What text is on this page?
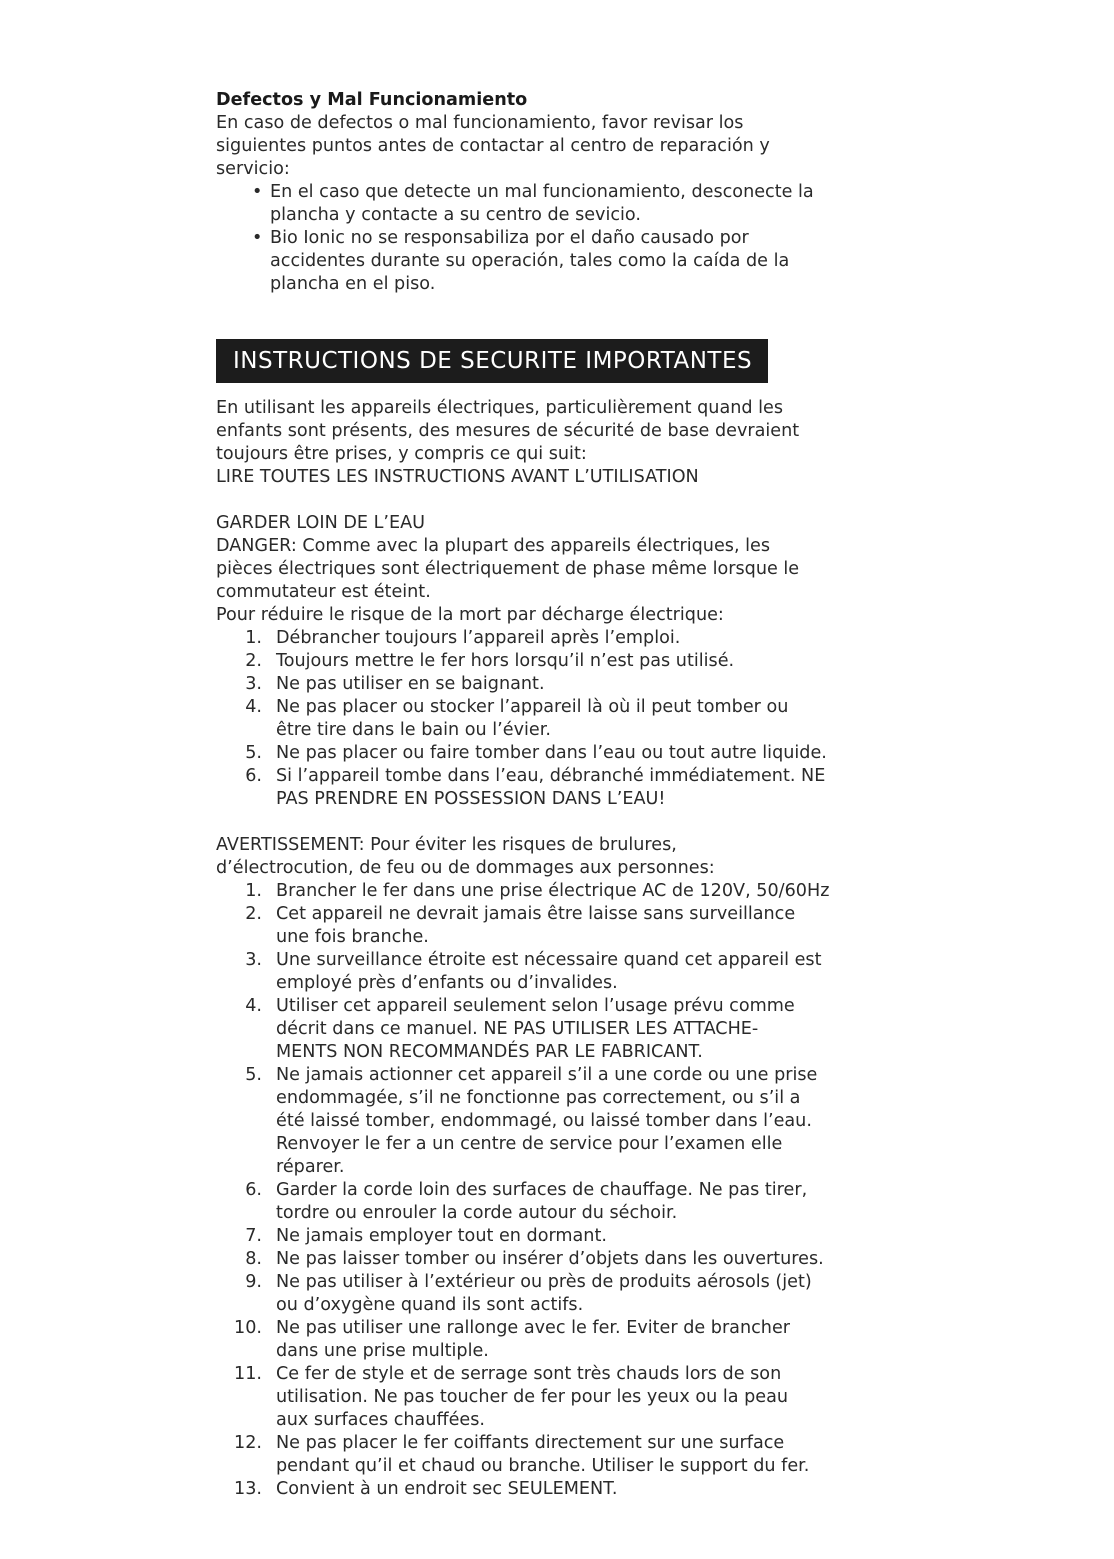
Defectos y Mal Funcionamiento
En caso de defectos o mal funcionamiento, favor revisar los
siguientes puntos antes de contactar al centro de reparación y
servicio:
• En el caso que detecte un mal funcionamiento, desconecte la
plancha y contacte a su centro de sevicio.
• Bio Ionic no se responsabiliza por el daño causado por
accidentes durante su operación, tales como la caída de la
plancha en el piso.
INSTRUCTIONS DE SECURITE IMPORTANTES
En utilisant les appareils électriques, particulièrement quand les
enfants sont présents, des mesures de sécurité de base devraient
toujours être prises, y compris ce qui suit:
LIRE TOUTES LES INSTRUCTIONS AVANT L’UTILISATION
GARDER LOIN DE L’EAU
DANGER: Comme avec la plupart des appareils électriques, les
pièces électriques sont électriquement de phase même lorsque le
commutateur est éteint.
Pour réduire le risque de la mort par décharge électrique:
1. Débrancher toujours l’appareil après l’emploi.
2. Toujours mettre le fer hors lorsqu’il n’est pas utilisé.
3. Ne pas utiliser en se baignant.
4. Ne pas placer ou stocker l’appareil là où il peut tomber ou
être tire dans le bain ou l’évier.
5. Ne pas placer ou faire tomber dans l’eau ou tout autre liquide.
6. Si l’appareil tombe dans l’eau, débranché immédiatement. NE
PAS PRENDRE EN POSSESSION DANS L’EAU!
AVERTISSEMENT: Pour éviter les risques de brulures,
d’électrocution, de feu ou de dommages aux personnes:
1. Brancher le fer dans une prise électrique AC de 120V, 50/60Hz
2. Cet appareil ne devrait jamais être laisse sans surveillance
une fois branche.
3. Une surveillance étroite est nécessaire quand cet appareil est
employé près d’enfants ou d’invalides.
4. Utiliser cet appareil seulement selon l’usage prévu comme
décrit dans ce manuel. NE PAS UTILISER LES ATTACHE-
MENTS NON RECOMMANDÉS PAR LE FABRICANT.
5. Ne jamais actionner cet appareil s’il a une corde ou une prise
endommagée, s’il ne fonctionne pas correctement, ou s’il a
été laissé tomber, endommagé, ou laissé tomber dans l’eau.
Renvoyer le fer a un centre de service pour l’examen elle
réparer.
6. Garder la corde loin des surfaces de chauffage. Ne pas tirer,
tordre ou enrouler la corde autour du séchoir.
7. Ne jamais employer tout en dormant.
8. Ne pas laisser tomber ou insérer d’objets dans les ouvertures.
9. Ne pas utiliser à l’extérieur ou près de produits aérosols (jet)
ou d’oxygène quand ils sont actifs.
10. Ne pas utiliser une rallonge avec le fer. Eviter de brancher
dans une prise multiple.
11. Ce fer de style et de serrage sont très chauds lors de son
utilisation. Ne pas toucher de fer pour les yeux ou la peau
aux surfaces chauffées.
12. Ne pas placer le fer coiffants directement sur une surface
pendant qu’il et chaud ou branche. Utiliser le support du fer.
13. Convient à un endroit sec SEULEMENT.
